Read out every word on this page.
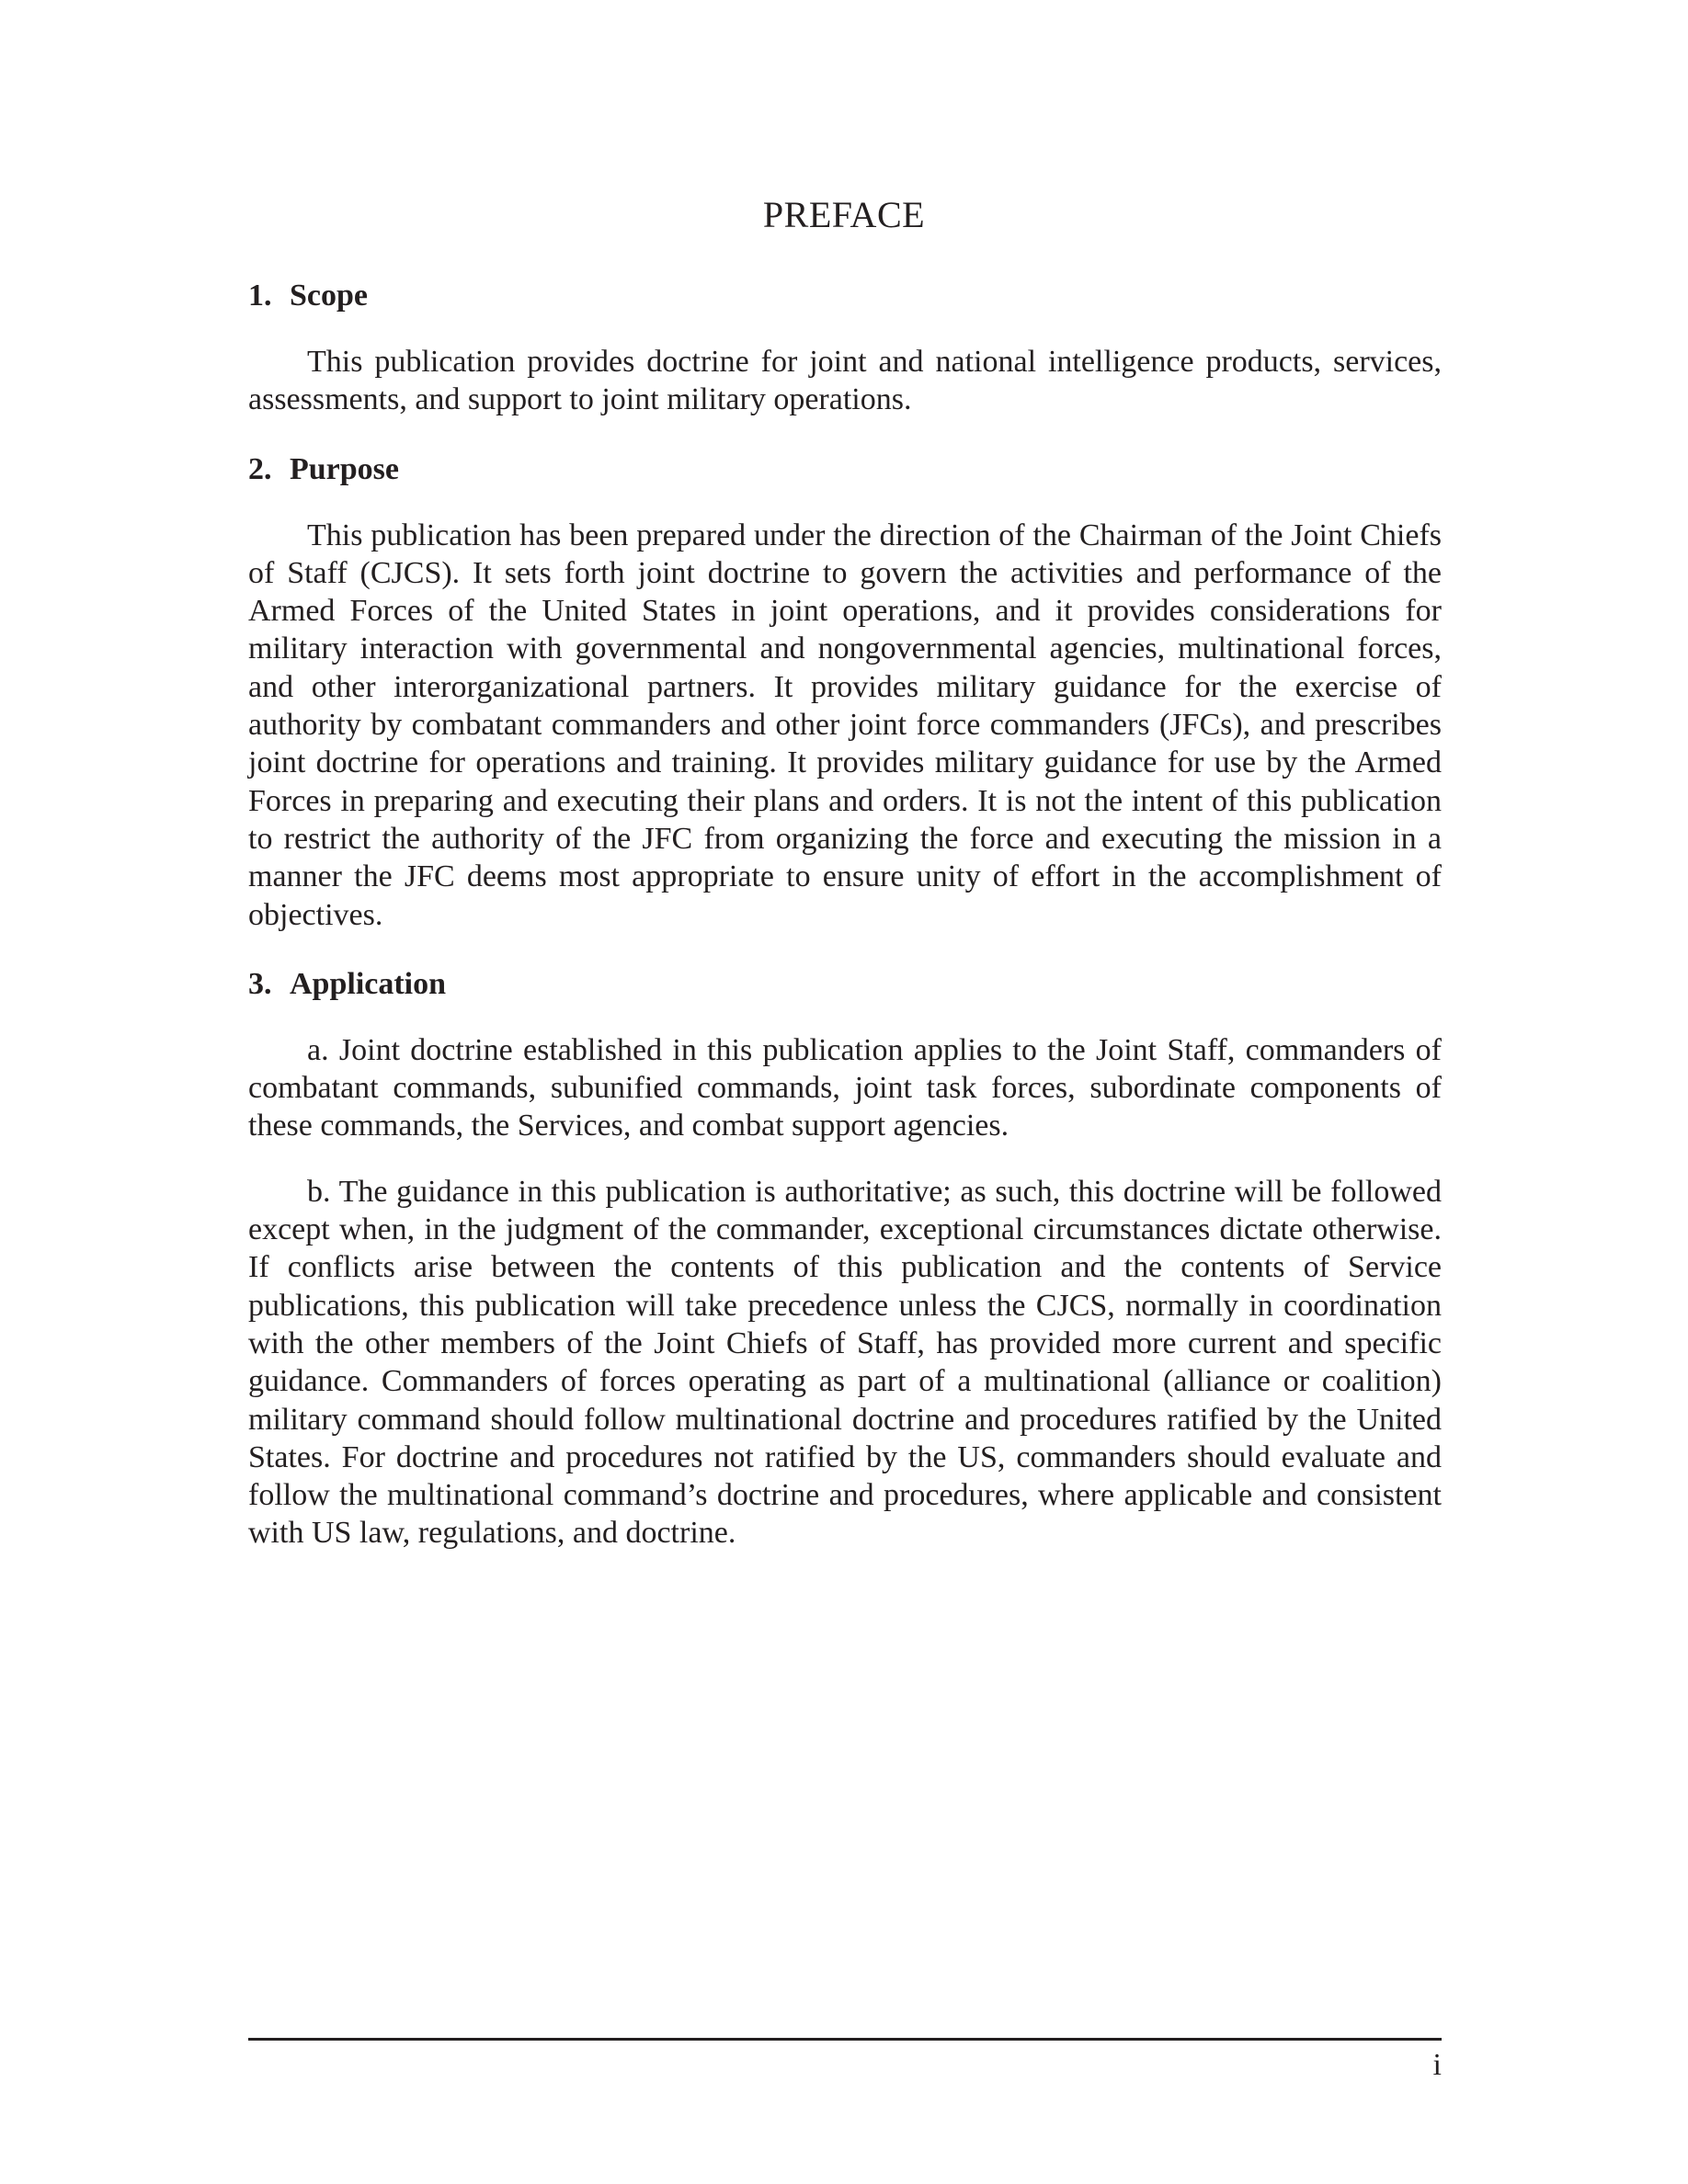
PREFACE
1. Scope

This publication provides doctrine for joint and national intelligence products, services, assessments, and support to joint military operations.

2. Purpose

This publication has been prepared under the direction of the Chairman of the Joint Chiefs of Staff (CJCS). It sets forth joint doctrine to govern the activities and performance of the Armed Forces of the United States in joint operations, and it provides considerations for military interaction with governmental and nongovernmental agencies, multinational forces, and other interorganizational partners. It provides military guidance for the exercise of authority by combatant commanders and other joint force commanders (JFCs), and prescribes joint doctrine for operations and training. It provides military guidance for use by the Armed Forces in preparing and executing their plans and orders. It is not the intent of this publication to restrict the authority of the JFC from organizing the force and executing the mission in a manner the JFC deems most appropriate to ensure unity of effort in the accomplishment of objectives.

3. Application

a. Joint doctrine established in this publication applies to the Joint Staff, commanders of combatant commands, subunified commands, joint task forces, subordinate components of these commands, the Services, and combat support agencies.

b. The guidance in this publication is authoritative; as such, this doctrine will be followed except when, in the judgment of the commander, exceptional circumstances dictate otherwise. If conflicts arise between the contents of this publication and the contents of Service publications, this publication will take precedence unless the CJCS, normally in coordination with the other members of the Joint Chiefs of Staff, has provided more current and specific guidance. Commanders of forces operating as part of a multinational (alliance or coalition) military command should follow multinational doctrine and procedures ratified by the United States. For doctrine and procedures not ratified by the US, commanders should evaluate and follow the multinational command’s doctrine and procedures, where applicable and consistent with US law, regulations, and doctrine.

i
